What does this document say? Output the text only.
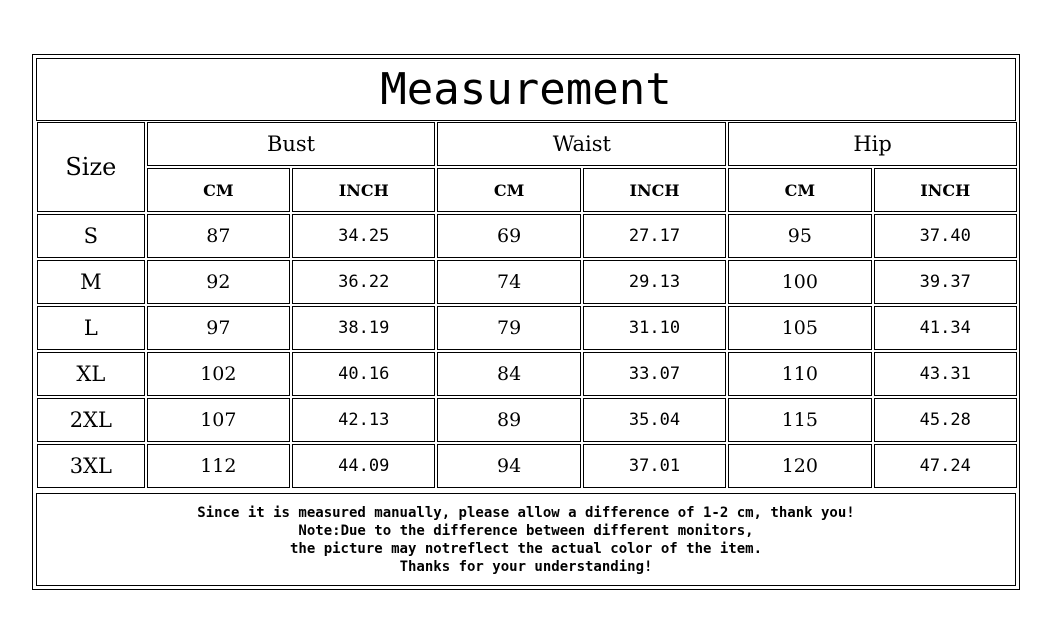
Measurement
Size	Bust		Waist		Hip	
	CM	INCH	CM	INCH	CM	INCH
S	87	34.25	69	27.17	95	37.40
M	92	36.22	74	29.13	100	39.37
L	97	38.19	79	31.10	105	41.34
XL	102	40.16	84	33.07	110	43.31
2XL	107	42.13	89	35.04	115	45.28
3XL	112	44.09	94	37.01	120	47.24
Since it is measured manually, please allow a difference of 1-2 cm, thank you!
Note:Due to the difference between different monitors,
the picture may notreflect the actual color of the item.
Thanks for your understanding!
